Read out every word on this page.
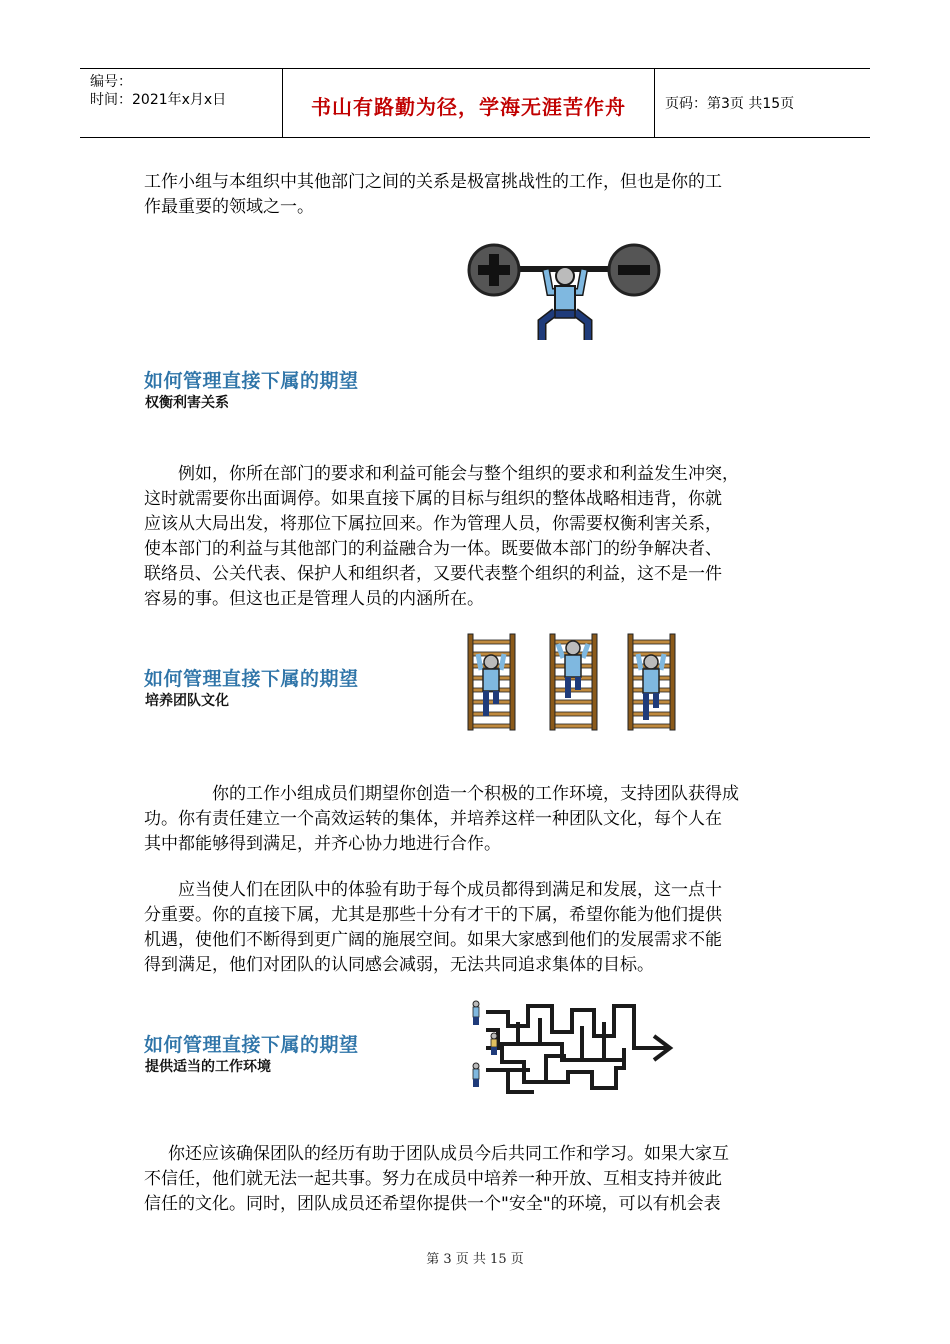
编号：
时间：2021年x月x日	书山有路勤为径，学海无涯苦作舟	页码：第3页 共15页
工作小组与本组织中其他部门之间的关系是极富挑战性的工作，但也是你的工
作最重要的领域之一。
如何管理直接下属的期望
权衡利害关系
例如，你所在部门的要求和利益可能会与整个组织的要求和利益发生冲突，
这时就需要你出面调停。如果直接下属的目标与组织的整体战略相违背，你就
应该从大局出发，将那位下属拉回来。作为管理人员，你需要权衡利害关系，
使本部门的利益与其他部门的利益融合为一体。既要做本部门的纷争解决者、
联络员、公关代表、保护人和组织者，又要代表整个组织的利益，这不是一件
容易的事。但这也正是管理人员的内涵所在。
如何管理直接下属的期望
培养团队文化
你的工作小组成员们期望你创造一个积极的工作环境，支持团队获得成
功。你有责任建立一个高效运转的集体，并培养这样一种团队文化，每个人在
其中都能够得到满足，并齐心协力地进行合作。
应当使人们在团队中的体验有助于每个成员都得到满足和发展，这一点十
分重要。你的直接下属，尤其是那些十分有才干的下属，希望你能为他们提供
机遇，使他们不断得到更广阔的施展空间。如果大家感到他们的发展需求不能
得到满足，他们对团队的认同感会减弱，无法共同追求集体的目标。
如何管理直接下属的期望
提供适当的工作环境
你还应该确保团队的经历有助于团队成员今后共同工作和学习。如果大家互
不信任，他们就无法一起共事。努力在成员中培养一种开放、互相支持并彼此
信任的文化。同时，团队成员还希望你提供一个"安全"的环境，可以有机会表
第 3 页 共 15 页
